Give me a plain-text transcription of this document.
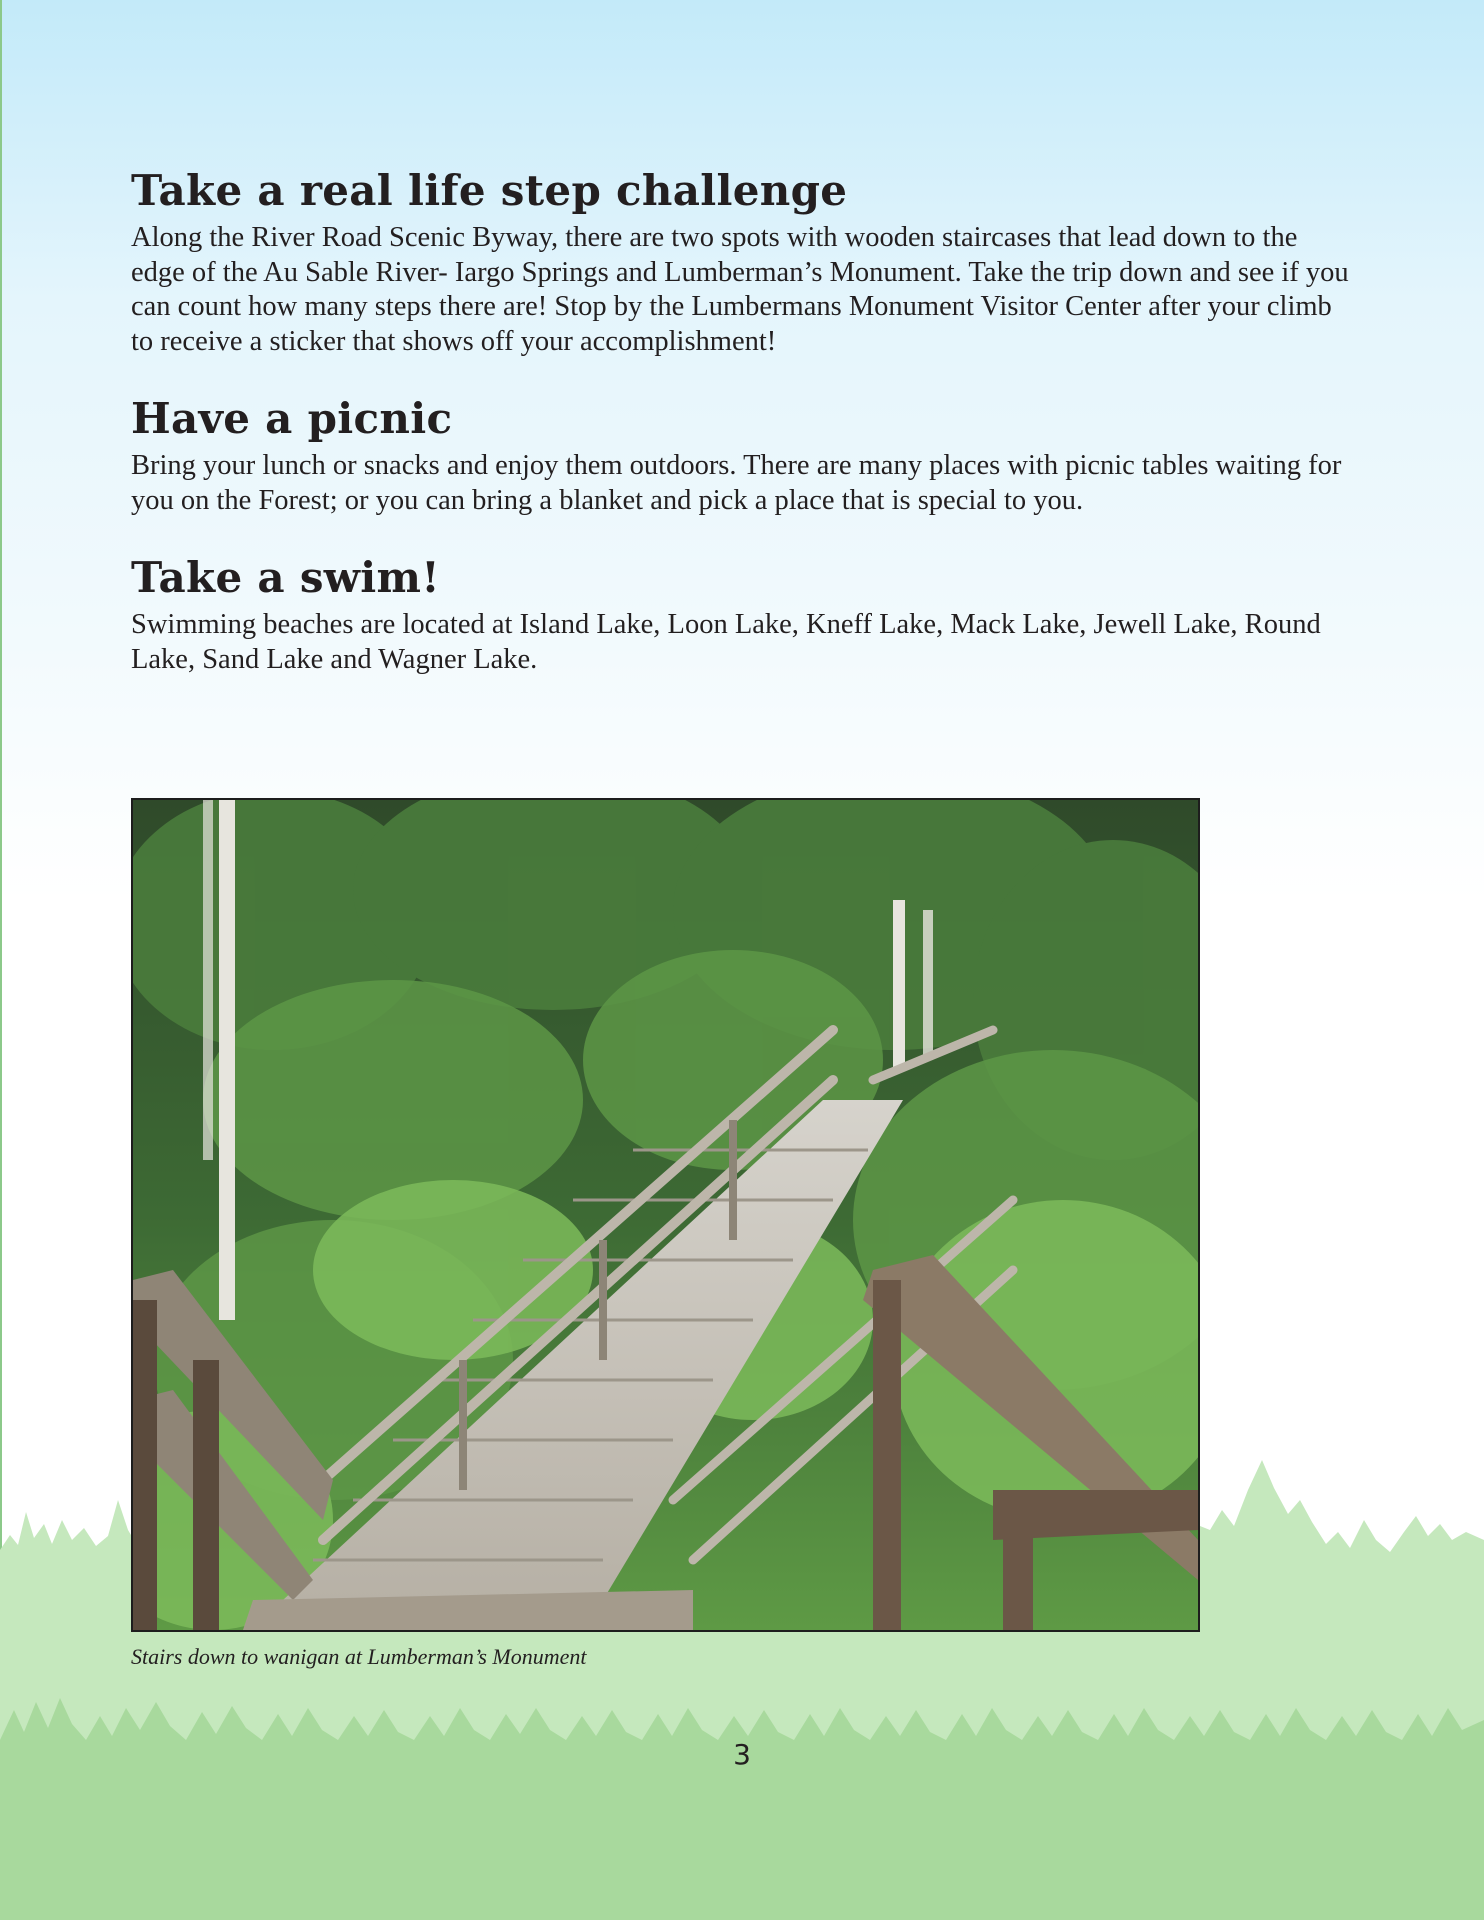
Take a real life step challenge

Along the River Road Scenic Byway, there are two spots with wooden staircases that lead down to the edge of the Au Sable River- Iargo Springs and Lumberman’s Monument. Take the trip down and see if you can count how many steps there are! Stop by the Lumbermans Monument Visitor Center after your climb to receive a sticker that shows off your accomplishment!

Have a picnic

Bring your lunch or snacks and enjoy them outdoors. There are many places with picnic tables waiting for you on the Forest; or you can bring a blanket and pick a place that is special to you.

Take a swim!

Swimming beaches are located at Island Lake, Loon Lake, Kneff Lake, Mack Lake, Jewell Lake, Round Lake, Sand Lake and Wagner Lake.

Stairs down to wanigan at Lumberman’s Monument
3
